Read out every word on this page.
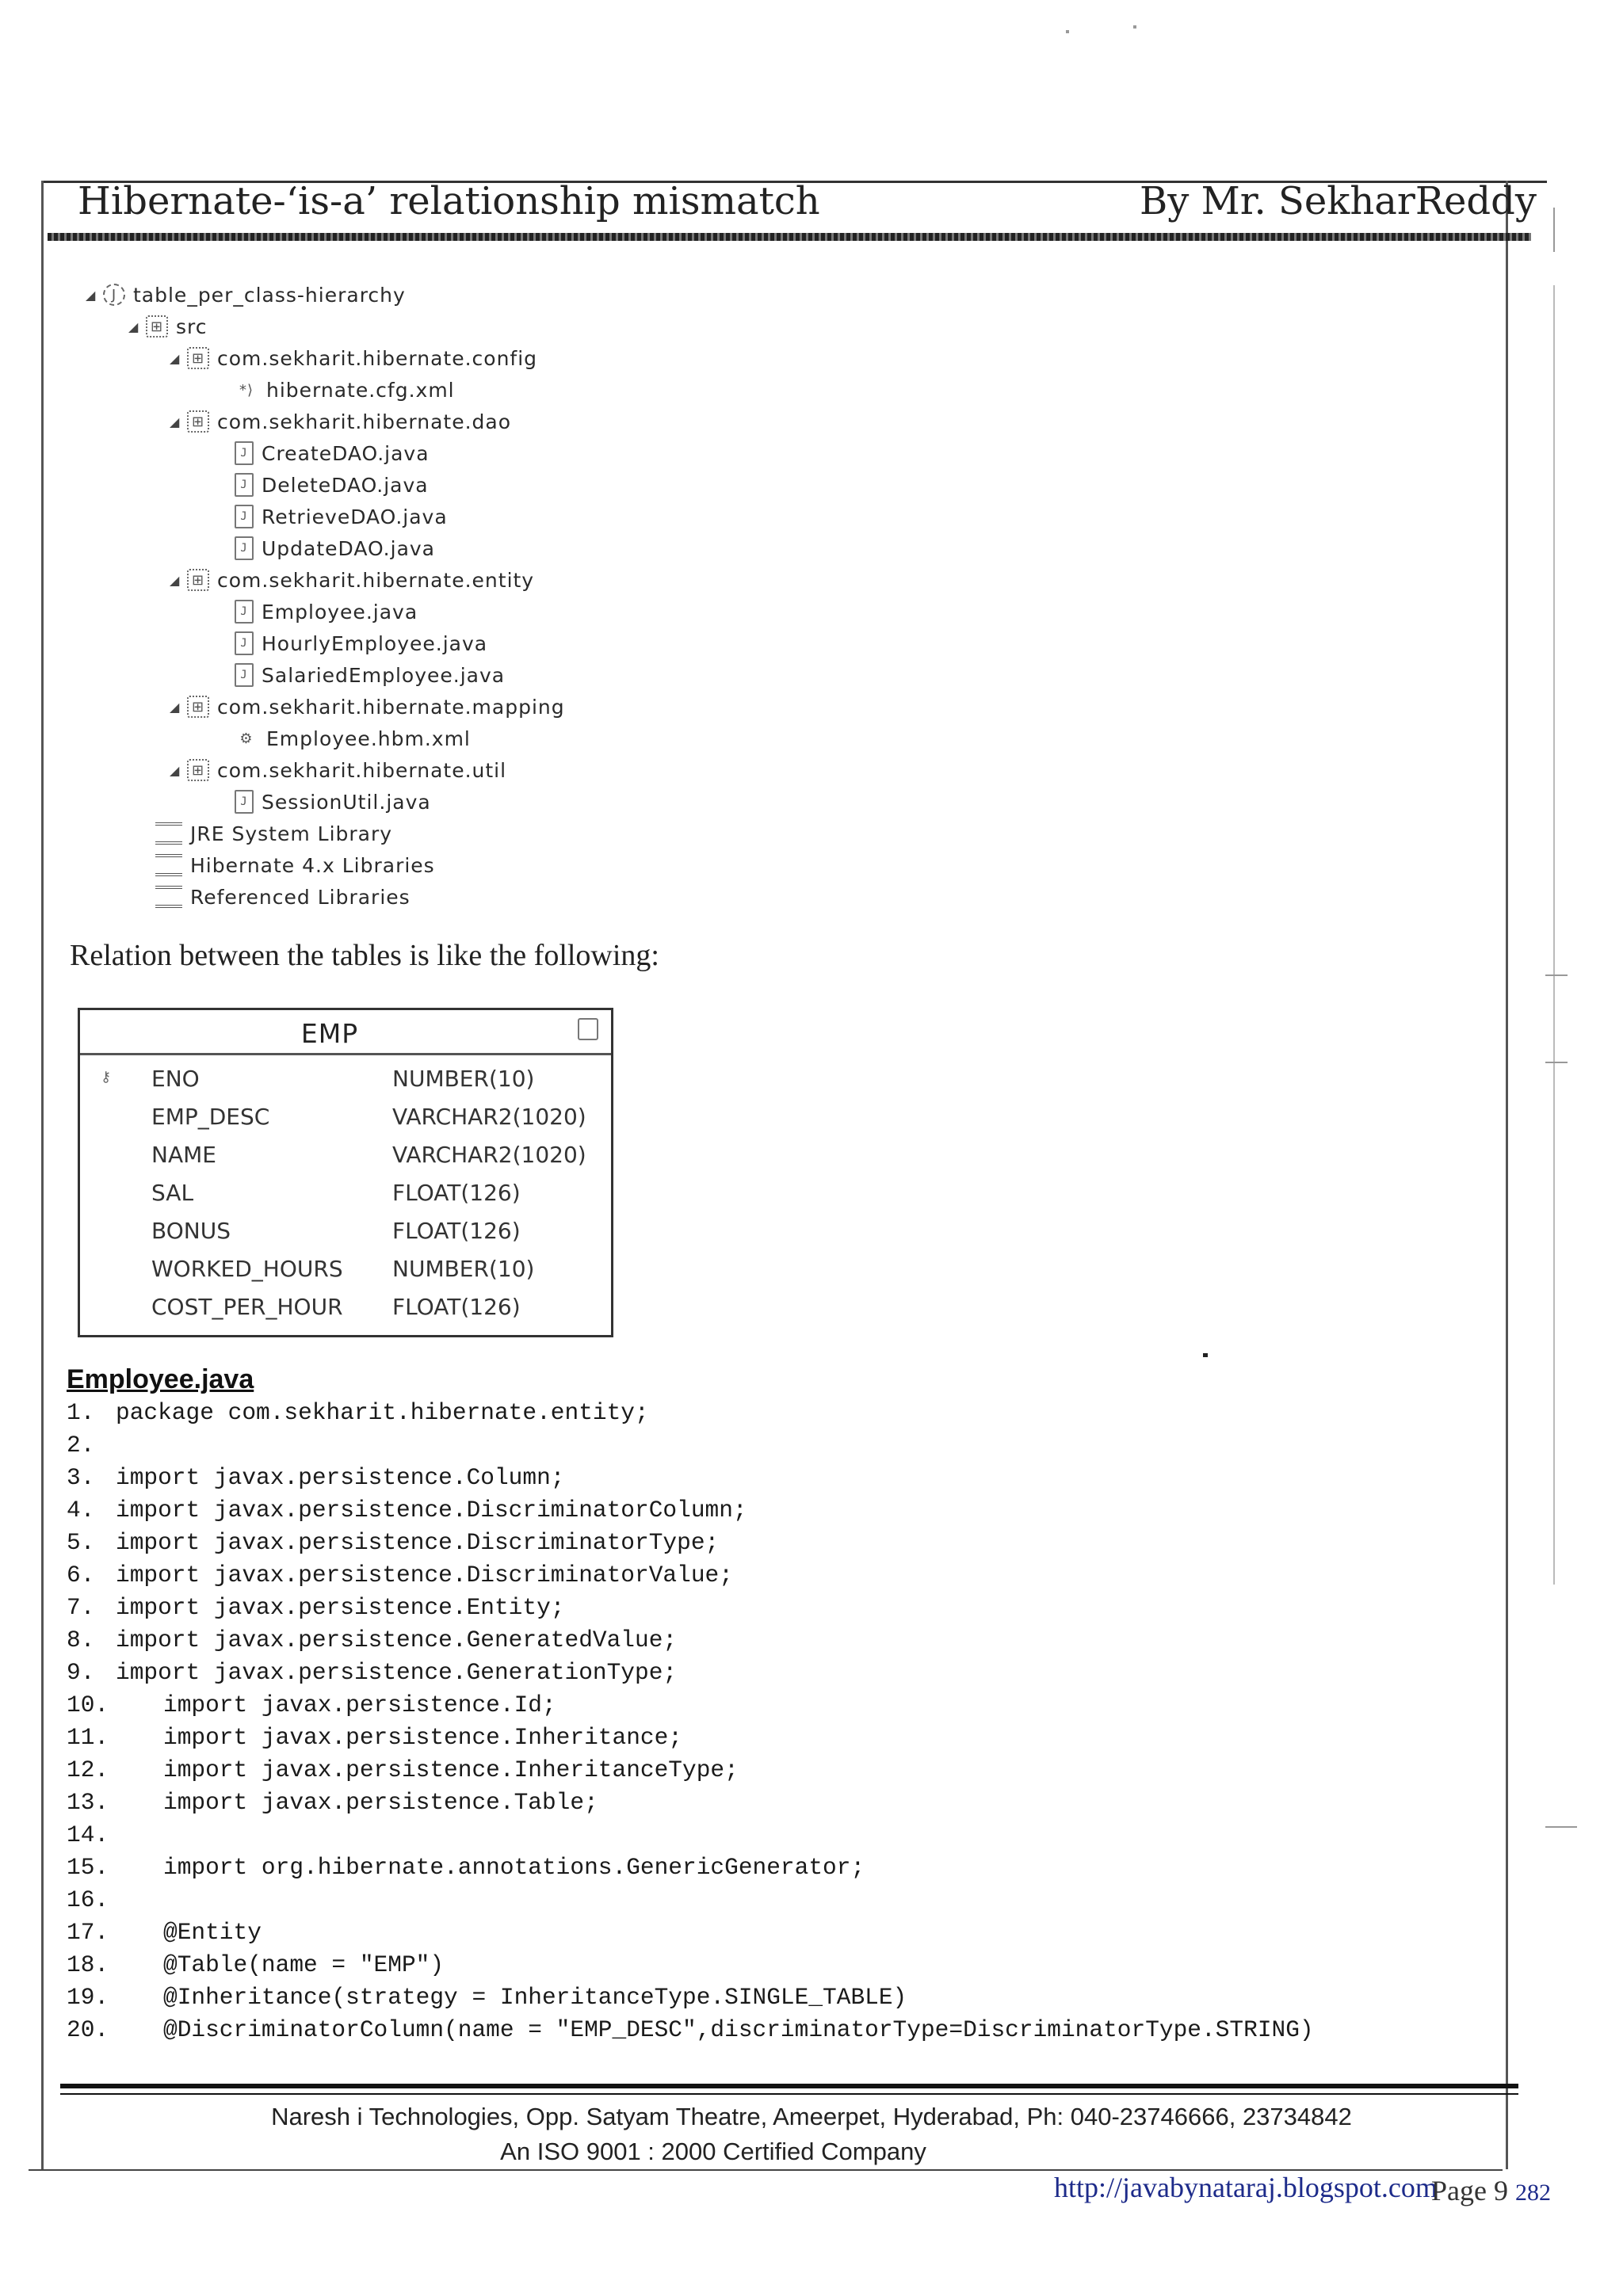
Hibernate-‘is-a’ relationship mismatch	By Mr. SekharReddy
◢	J table_per_class-hierarchy
◢ ⊞ src
◢ ⊞ com.sekharit.hibernate.config
*⟩ hibernate.cfg.xml
◢ ⊞ com.sekharit.hibernate.dao
J CreateDAO.java
J DeleteDAO.java
J RetrieveDAO.java
J UpdateDAO.java
◢ ⊞ com.sekharit.hibernate.entity
J Employee.java
J HourlyEmployee.java
J SalariedEmployee.java
◢ ⊞ com.sekharit.hibernate.mapping
⚙ Employee.hbm.xml
◢ ⊞ com.sekharit.hibernate.util
J SessionUtil.java
JRE System Library
Hibernate 4.x Libraries
Referenced Libraries
Relation between the tables is like the following:
EMP
⚷ ENO	NUMBER(10)
EMP_DESC	VARCHAR2(1020)
NAME	VARCHAR2(1020)
SAL	FLOAT(126)
BONUS	FLOAT(126)
WORKED_HOURS NUMBER(10)
COST_PER_HOUR FLOAT(126)
Employee.java
1. package com.sekharit.hibernate.entity;
2.
3. import javax.persistence.Column;
4. import javax.persistence.DiscriminatorColumn;
5. import javax.persistence.DiscriminatorType;
6. import javax.persistence.DiscriminatorValue;
7. import javax.persistence.Entity;
8. import javax.persistence.GeneratedValue;
9. import javax.persistence.GenerationType;
10. import javax.persistence.Id;
11. import javax.persistence.Inheritance;
12. import javax.persistence.InheritanceType;
13. import javax.persistence.Table;
14.
15. import org.hibernate.annotations.GenericGenerator;
16.
17. @Entity
18. @Table(name = "EMP")
19. @Inheritance(strategy = InheritanceType.SINGLE_TABLE)
20. @DiscriminatorColumn(name = "EMP_DESC",discriminatorType=DiscriminatorType.STRING)
Naresh i Technologies, Opp. Satyam Theatre, Ameerpet, Hyderabad, Ph: 040-23746666, 23734842
An ISO 9001 : 2000 Certified Company
http://javabynataraj.blogspot.com
Page 9 282
